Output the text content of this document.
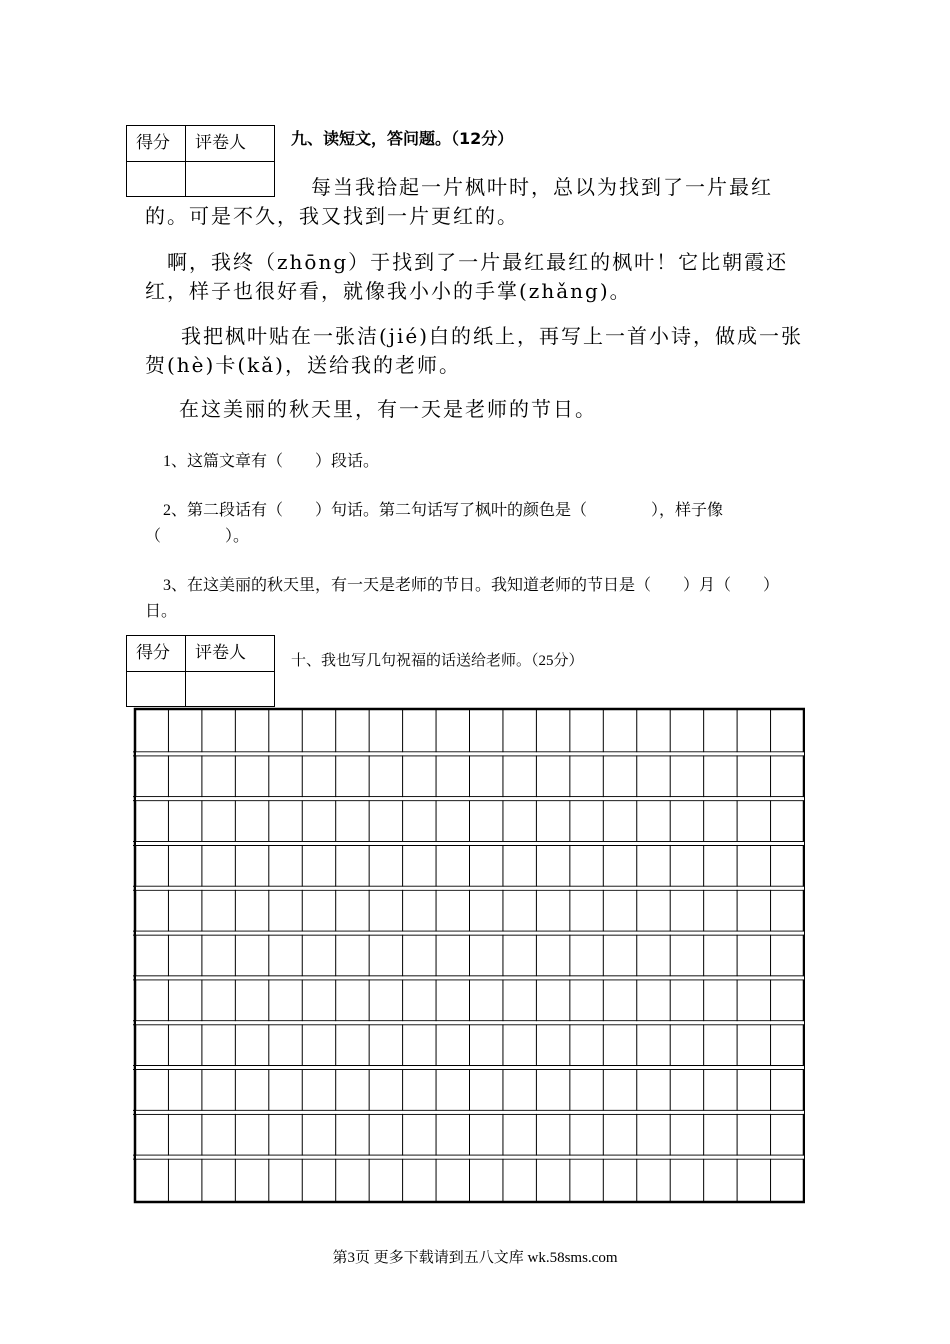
得分	评卷人	九、读短文，答问题。（12分）
每当我拾起一片枫叶时，总以为找到了一片最红的。可是不久，我又找到一片更红的。
啊，我终（zhōng）于找到了一片最红最红的枫叶！它比朝霞还红，样子也很好看，就像我小小的手掌(zhǎng)。
我把枫叶贴在一张洁(jié)白的纸上，再写上一首小诗，做成一张贺(hè)卡(kǎ)，送给我的老师。
在这美丽的秋天里，有一天是老师的节日。
1、这篇文章有（　　）段话。
2、第二段话有（　　）句话。第二句话写了枫叶的颜色是（　　　　），样子像（　　　　）。
3、在这美丽的秋天里，有一天是老师的节日。我知道老师的节日是（　　）月（　　）日。
得分	评卷人	十、我也写几句祝福的话送给老师。（25分）
第3页 更多下载请到五八文库 wk.58sms.com
